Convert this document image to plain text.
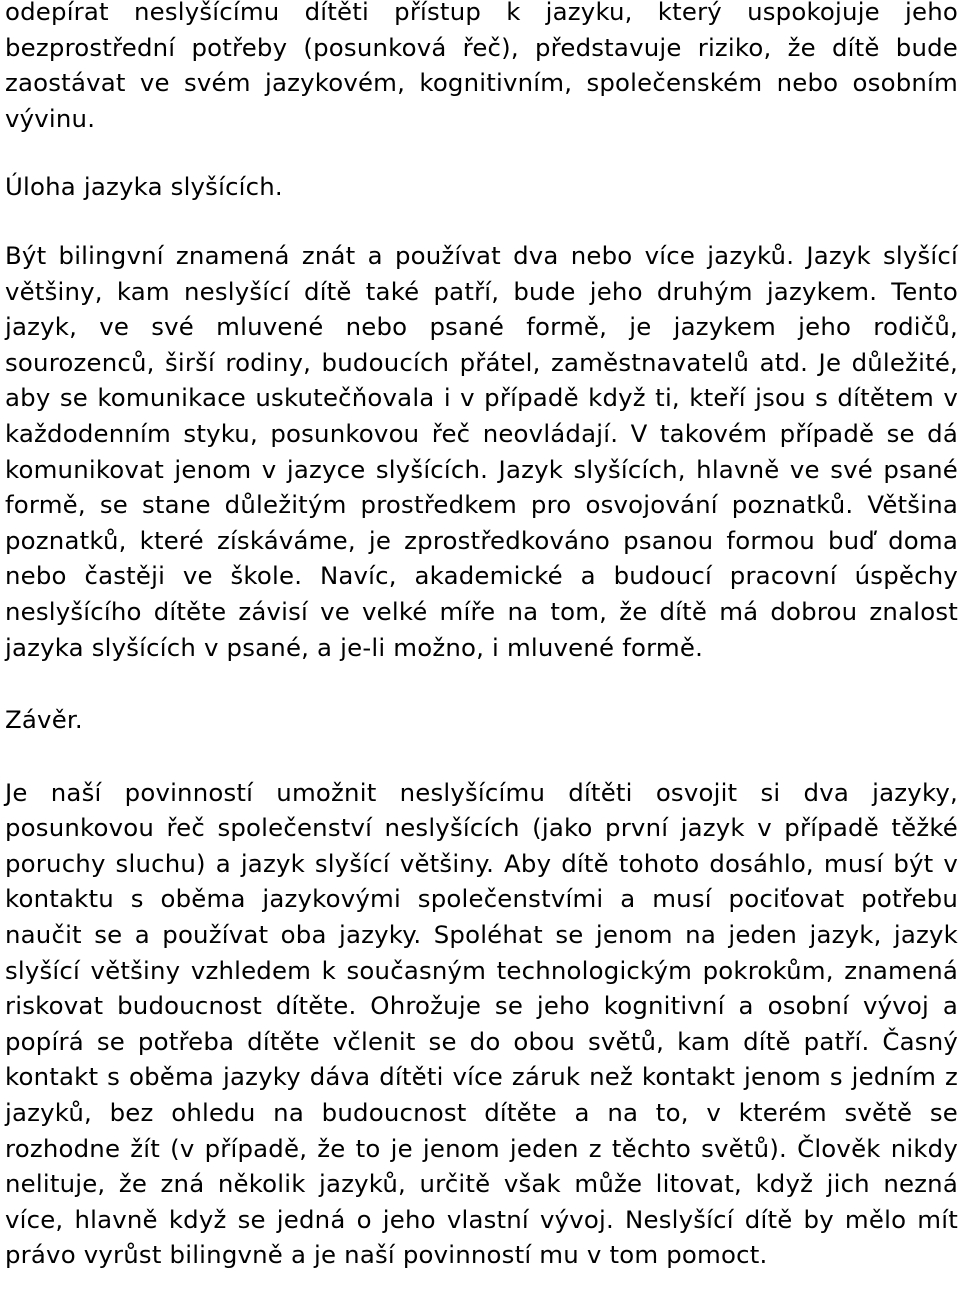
odepírat neslyšícímu dítěti přístup k jazyku, který uspokojuje jeho bezprostřední potřeby (posunková řeč), představuje riziko, že dítě bude zaostávat ve svém jazykovém, kognitivním, společenském nebo osobním vývinu.

Úloha jazyka slyšících.

Být bilingvní znamená znát a používat dva nebo více jazyků. Jazyk slyšící většiny, kam neslyšící dítě také patří, bude jeho druhým jazykem. Tento jazyk, ve své mluvené nebo psané formě, je jazykem jeho rodičů, sourozenců, širší rodiny, budoucích přátel, zaměstnavatelů atd. Je důležité, aby se komunikace uskutečňovala i v případě když ti, kteří jsou s dítětem v každodenním styku, posunkovou řeč neovládají. V takovém případě se dá komunikovat jenom v jazyce slyšících. Jazyk slyšících, hlavně ve své psané formě, se stane důležitým prostředkem pro osvojování poznatků. Většina poznatků, které získáváme, je zprostředkováno psanou formou buď doma nebo častěji ve škole. Navíc, akademické a budoucí pracovní úspěchy neslyšícího dítěte závisí ve velké míře na tom, že dítě má dobrou znalost jazyka slyšících v psané, a je-li možno, i mluvené formě.

Závěr.

Je naší povinností umožnit neslyšícímu dítěti osvojit si dva jazyky, posunkovou řeč společenství neslyšících (jako první jazyk v případě těžké poruchy sluchu) a jazyk slyšící většiny. Aby dítě tohoto dosáhlo, musí být v kontaktu s oběma jazykovými společenstvími a musí pociťovat potřebu naučit se a používat oba jazyky. Spoléhat se jenom na jeden jazyk, jazyk slyšící většiny vzhledem k současným technologickým pokrokům, znamená riskovat budoucnost dítěte. Ohrožuje se jeho kognitivní a osobní vývoj a popírá se potřeba dítěte včlenit se do obou světů, kam dítě patří. Časný kontakt s oběma jazyky dáva dítěti více záruk než kontakt jenom s jedním z jazyků, bez ohledu na budoucnost dítěte a na to, v kterém světě se rozhodne žít (v případě, že to je jenom jeden z těchto světů). Člověk nikdy nelituje, že zná několik jazyků, určitě však může litovat, když jich nezná více, hlavně když se jedná o jeho vlastní vývoj. Neslyšící dítě by mělo mít právo vyrůst bilingvně a je naší povinností mu v tom pomoct.
